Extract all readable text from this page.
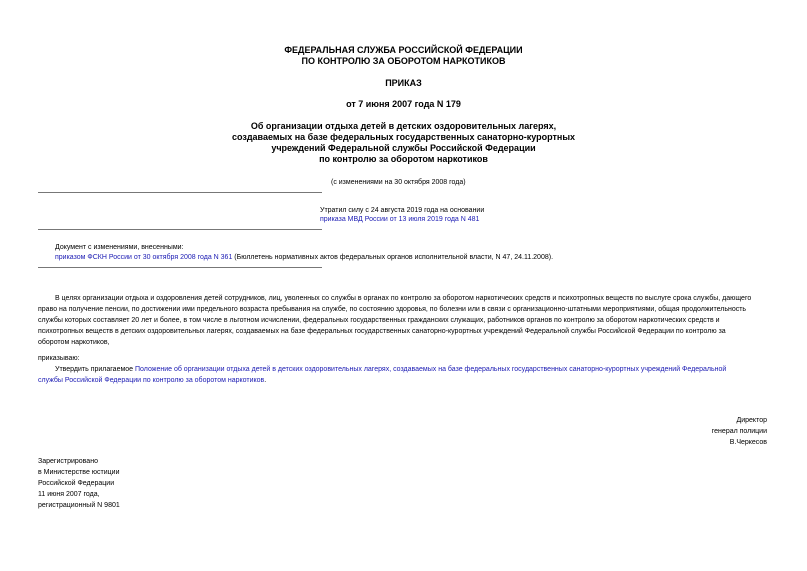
ФЕДЕРАЛЬНАЯ СЛУЖБА РОССИЙСКОЙ ФЕДЕРАЦИИ
ПО КОНТРОЛЮ ЗА ОБОРОТОМ НАРКОТИКОВ
ПРИКАЗ
от 7 июня 2007 года N 179
Об организации отдыха детей в детских оздоровительных лагерях,
создаваемых на базе федеральных государственных санаторно-курортных
учреждений Федеральной службы Российской Федерации
по контролю за оборотом наркотиков
(с изменениями на 30 октября 2008 года)
Утратил силу с 24 августа 2019 года на основании
приказа МВД России от 13 июля 2019 года N 481
Документ с изменениями, внесенными:
приказом ФСКН России от 30 октября 2008 года N 361 (Бюллетень нормативных актов федеральных органов исполнительной власти, N 47, 24.11.2008).
В целях организации отдыха и оздоровления детей сотрудников, лиц, уволенных со службы в органах по контролю за оборотом наркотических средств и психотропных веществ по выслуге срока службы, дающего
право на получение пенсии, по достижении ими предельного возраста пребывания на службе, по состоянию здоровья, по болезни или в связи с организационно-штатными мероприятиями, общая продолжительность
службы которых составляет 20 лет и более, в том числе в льготном исчислении, федеральных государственных гражданских служащих, работников органов по контролю за оборотом наркотических средств и
психотропных веществ в детских оздоровительных лагерях, создаваемых на базе федеральных государственных санаторно-курортных учреждений Федеральной службы Российской Федерации по контролю за
оборотом наркотиков,
приказываю:
Утвердить прилагаемое Положение об организации отдыха детей в детских оздоровительных лагерях, создаваемых на базе федеральных государственных санаторно-курортных учреждений Федеральной
службы Российской Федерации по контролю за оборотом наркотиков.
Директор
генерал полиции
В.Черкесов
Зарегистрировано
в Министерстве юстиции
Российской Федерации
11 июня 2007 года,
регистрационный N 9801
